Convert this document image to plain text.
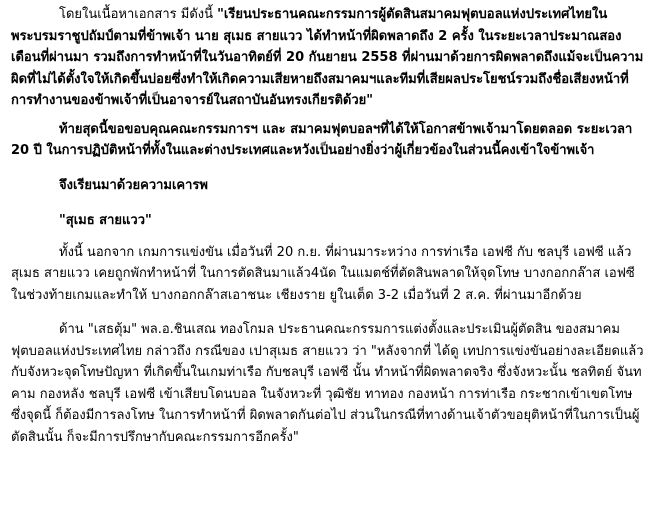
โดยในเนื้อหาเอกสาร มีดังนี้ "เรียนประธานคณะกรรมการผู้ตัดสินสมาคมฟุตบอลแห่งประเทศไทยในพระบรมราชูปถัมป์ตามที่ข้าพเจ้า นาย สุเมธ สายแวว ได้ทำหน้าที่ผิดพลาดถึง 2 ครั้ง ในระยะเวลาประมาณสองเดือนที่ผ่านมา รวมถึงการทำหน้าที่ในวันอาทิตย์ที่ 20 กันยายน 2558 ที่ผ่านมาด้วยการผิดพลาดถึงแม้จะเป็นความผิดที่ไม่ได้ตั้งใจให้เกิดขึ้นบ่อยซึ่งทำให้เกิดความเสียหายถึงสมาคมฯและทีมที่เสียผลประโยชน์รวมถึงชื่อเสียงหน้าที่การทำงานของข้าพเจ้าที่เป็นอาจารย์ในสถาบันอันทรงเกียรติด้วย"

ท้ายสุดนี้ขอขอบคุณคณะกรรมการฯ และ สมาคมฟุตบอลฯที่ได้ให้โอกาสข้าพเจ้ามาโดยตลอด ระยะเวลา 20 ปี ในการปฏิบัติหน้าที่ทั้งในและต่างประเทศและหวังเป็นอย่างยิ่งว่าผู้เกี่ยวข้องในส่วนนี้คงเข้าใจข้าพเจ้า

จึงเรียนมาด้วยความเคารพ

"สุเมธ สายแวว"

ทั้งนี้ นอกจาก เกมการแข่งขัน เมื่อวันที่ 20 ก.ย. ที่ผ่านมาระหว่าง การท่าเรือ เอฟซี กับ ชลบุรี เอฟซี แล้ว สุเมธ สายแวว เคยถูกพักทำหน้าที่ ในการตัดสินมาแล้ว4นัด ในแมตช์ที่ตัดสินพลาดให้จุดโทษ บางกอกกล๊าส เอฟซี ในช่วงท้ายเกมและทำให้ บางกอกกล๊าสเอาชนะ เชียงราย ยูในเต็ด 3-2 เมื่อวันที่ 2 ส.ค. ที่ผ่านมาอีกด้วย

ด้าน "เสธตุ้ม" พล.อ.ชินเสณ ทองโกมล ประธานคณะกรรมการแต่งตั้งและประเมินผู้ตัดสิน ของสมาคมฟุตบอลแห่งประเทศไทย กล่าวถึง กรณีของ เปาสุเมธ สายแวว ว่า "หลังจากที่ ได้ดู เทปการแข่งขันอย่างละเอียดแล้วกับจังหวะจุดโทษปัญหา ที่เกิดขึ้นในเกมท่าเรือ กับชลบุรี เอฟซี นั้น ทำหน้าที่ผิดพลาดจริง ซึ่งจังหวะนั้น ชลทิตย์ จันทคาม กองหลัง ชลบุรี เอฟซี เข้าเสียบโดนบอล ในจังหวะที่ วุฒิชัย ทาทอง กองหน้า การท่าเรือ กระชากเข้าเขตโทษ ซึ่งจุดนี้ ก็ต้องมีการลงโทษ ในการทำหน้าที่ ผิดพลาดกันต่อไป ส่วนในกรณีที่ทางด้านเจ้าตัวขอยุติหน้าที่ในการเป็นผู้ตัดสินนั้น ก็จะมีการปรึกษากับคณะกรรมการอีกครั้ง"
